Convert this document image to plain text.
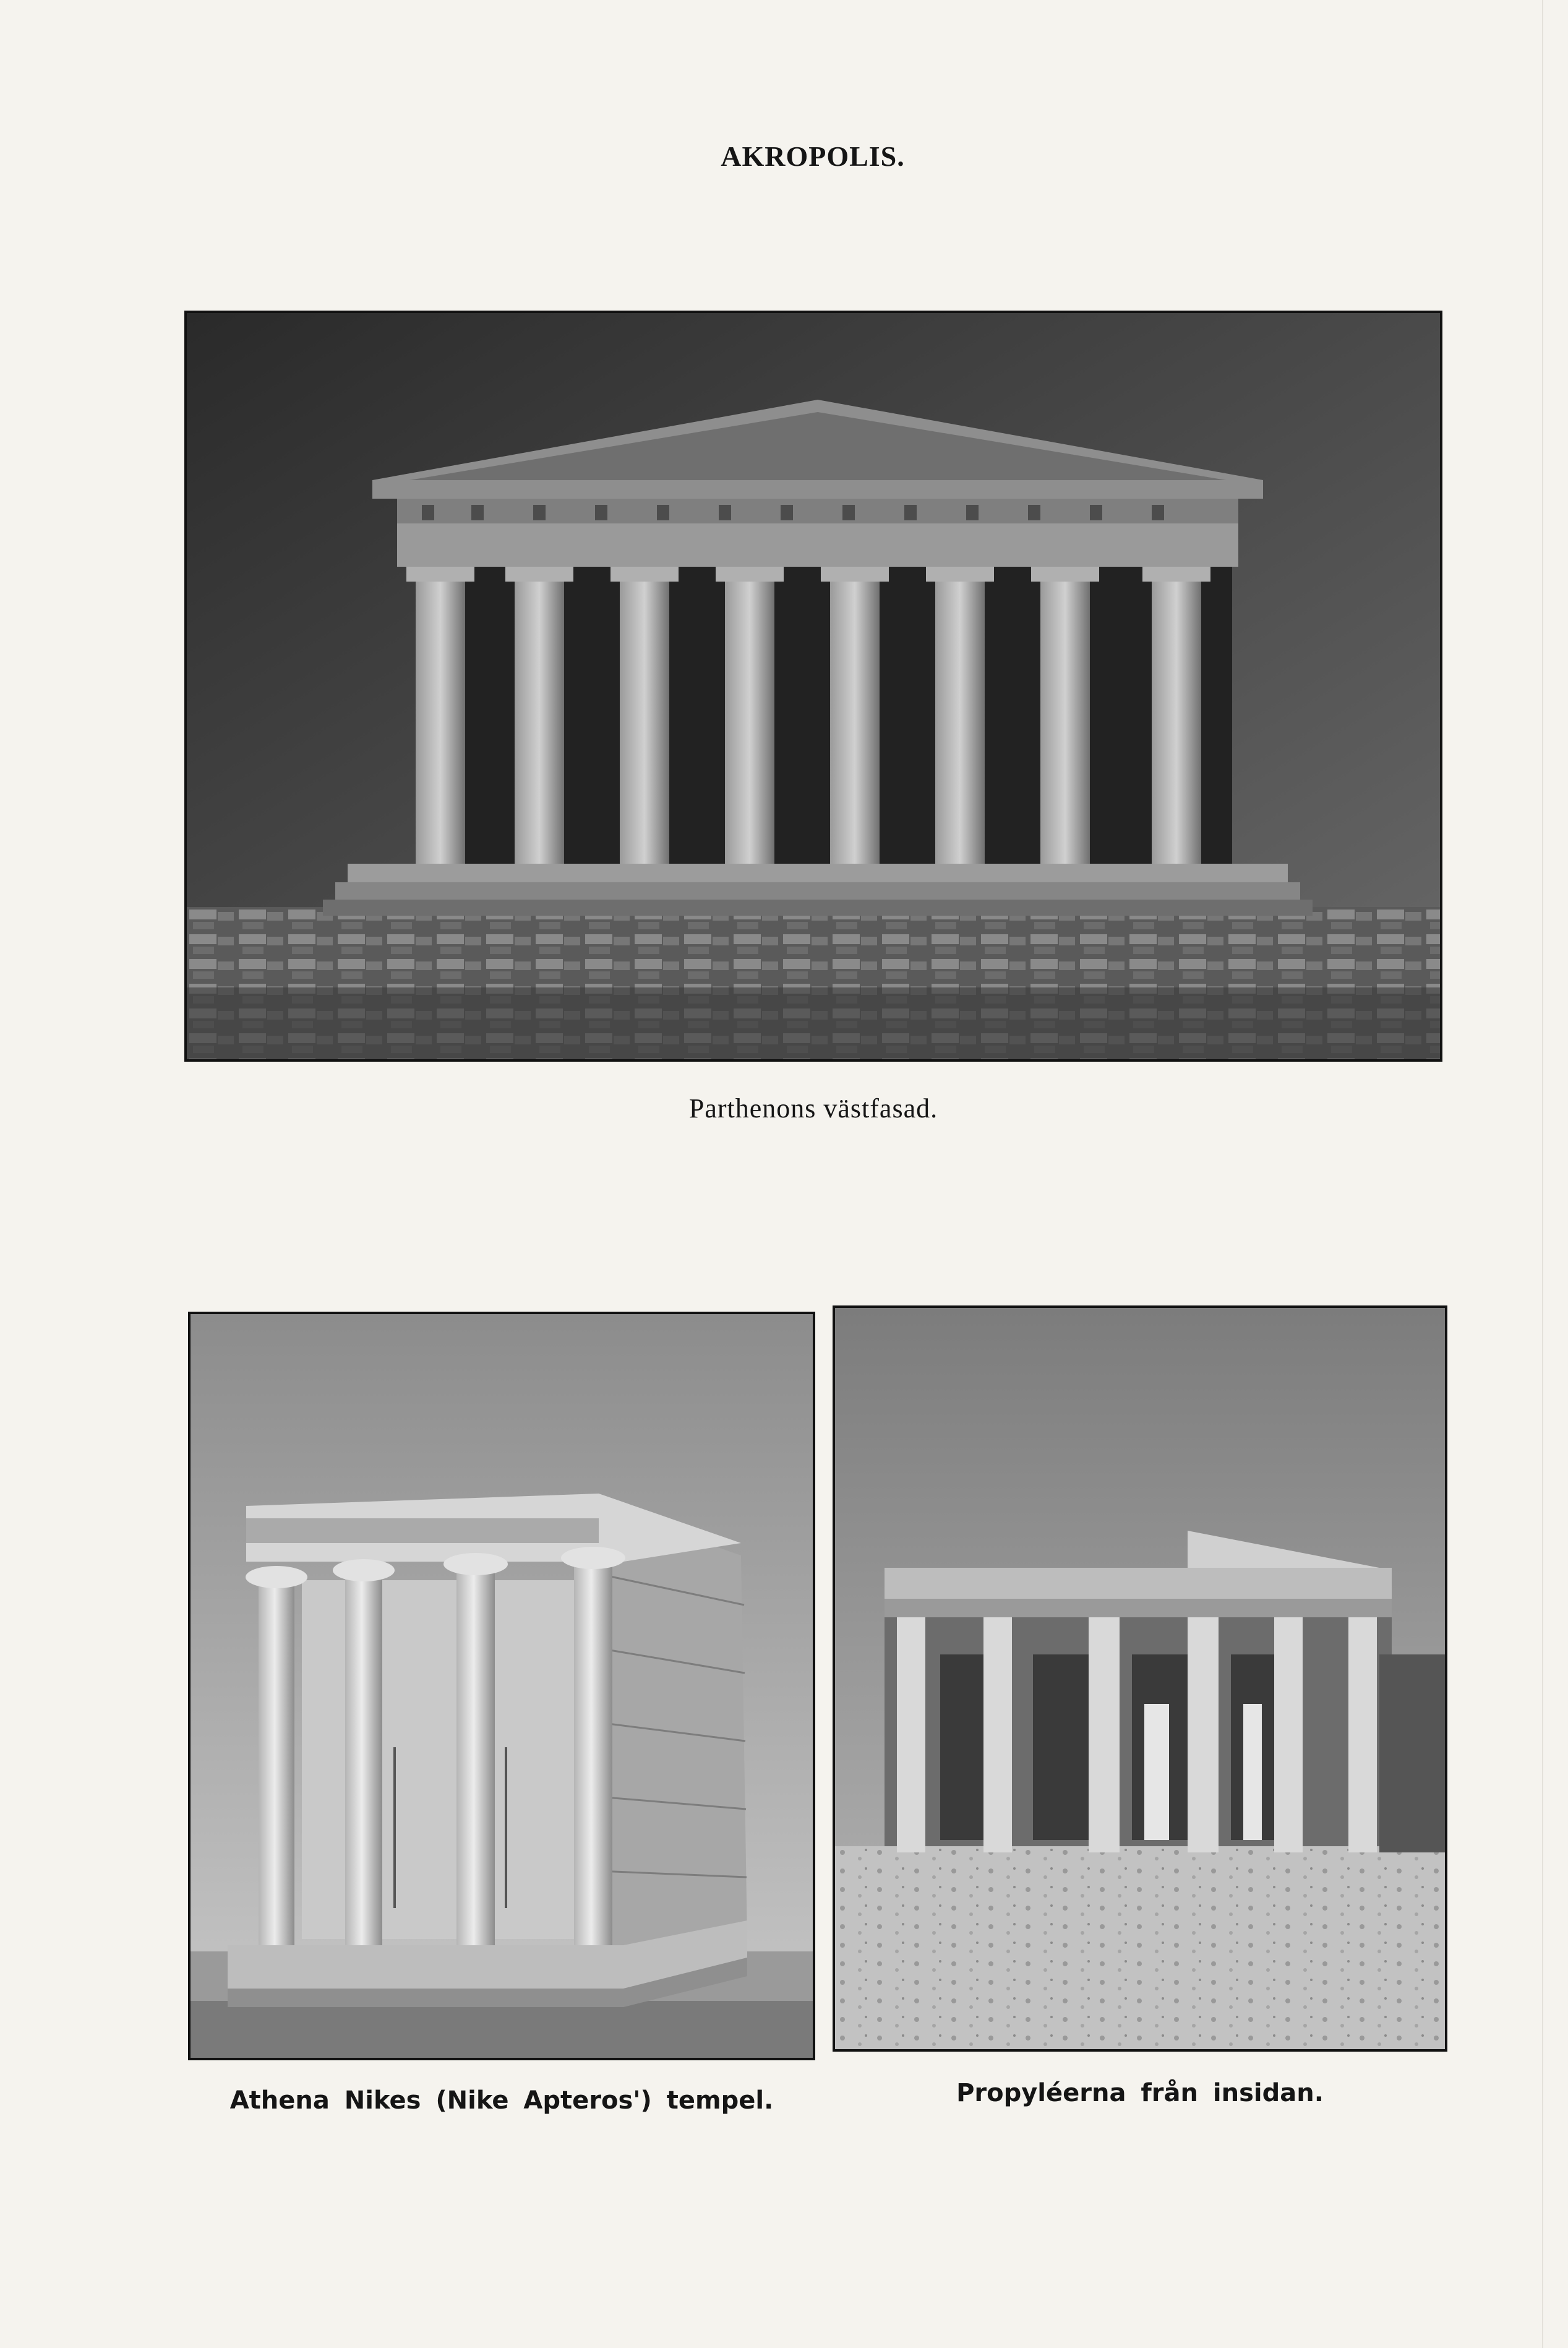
AKROPOLIS.
Parthenons västfasad.
Athena Nikes (Nike Apteros') tempel.	Propyléerna från insidan.
